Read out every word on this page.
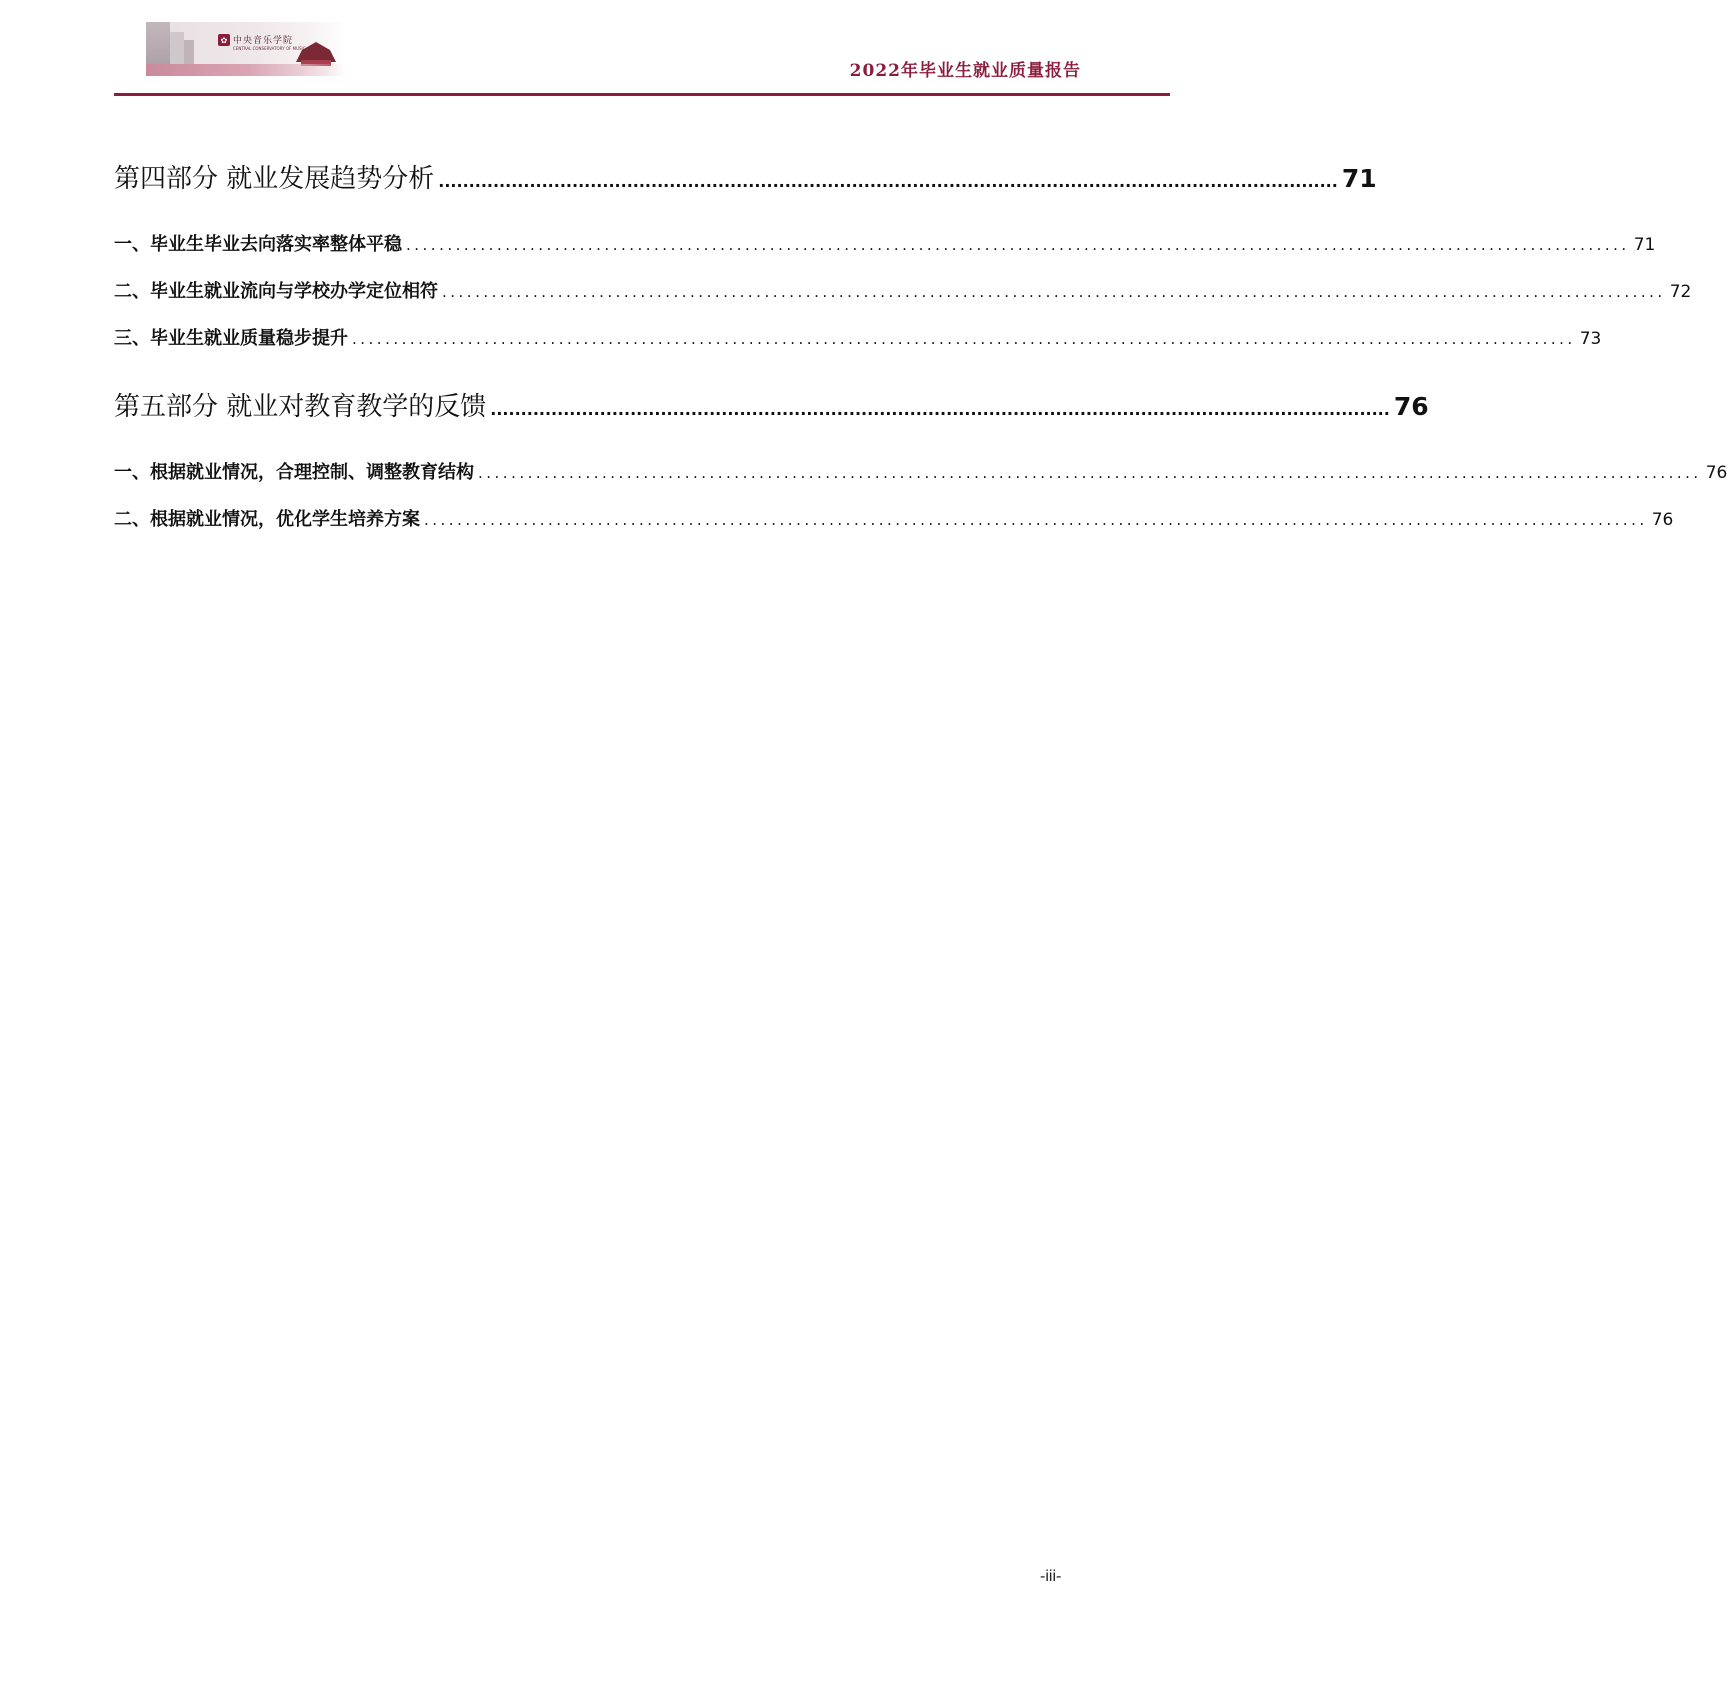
✿ 中央音乐学院
CENTRAL CONSERVATORY OF MUSIC
2022年毕业生就业质量报告
第四部分 就业发展趋势分析 .................................................................................................................................................... 71
一、毕业生毕业去向落实率整体平稳 .................................................................................................................................................... 71
二、毕业生就业流向与学校办学定位相符 .................................................................................................................................................... 72
三、毕业生就业质量稳步提升 .................................................................................................................................................... 73
第五部分 就业对教育教学的反馈 .................................................................................................................................................... 76
一、根据就业情况，合理控制、调整教育结构 .................................................................................................................................................... 76
二、根据就业情况，优化学生培养方案 .................................................................................................................................................... 76
-iii-
